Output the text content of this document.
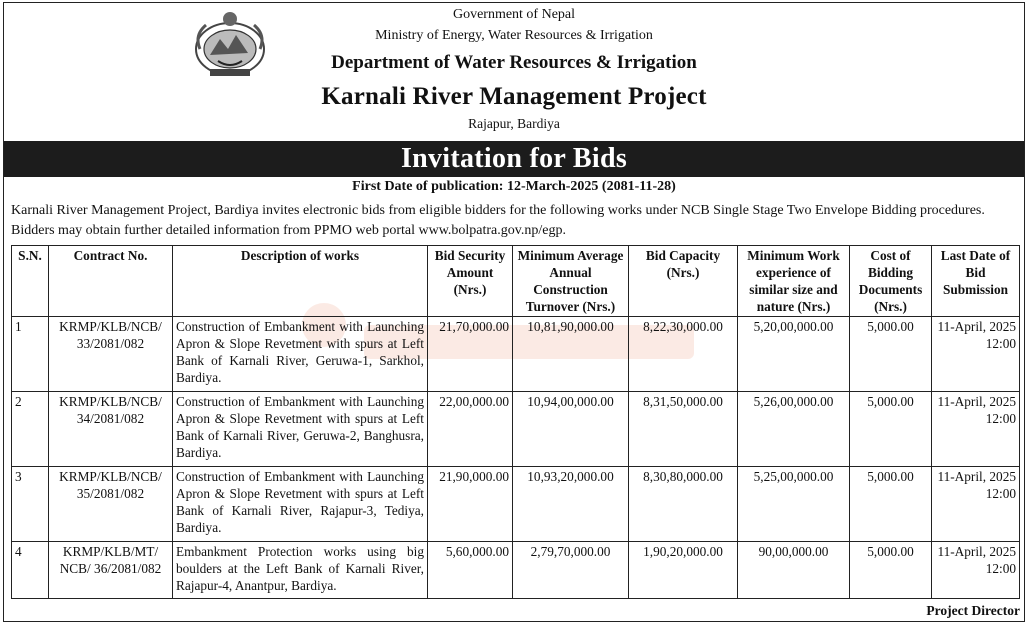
Government of Nepal
Ministry of Energy, Water Resources & Irrigation
Department of Water Resources & Irrigation
Karnali River Management Project
Rajapur, Bardiya
Invitation for Bids
First Date of publication: 12-March-2025 (2081-11-28)

Karnali River Management Project, Bardiya invites electronic bids from eligible bidders for the following works under NCB Single Stage Two Envelope Bidding procedures.

Bidders may obtain further detailed information from PPMO web portal www.bolpatra.gov.np/egp.

S.N.	Contract No.	Description of works	Bid Security Amount (Nrs.)	Minimum Average Annual Construction Turnover (Nrs.)	Bid Capacity (Nrs.)	Minimum Work experience of similar size and nature (Nrs.)	Cost of Bidding Documents (Nrs.)	Last Date of Bid Submission
1	KRMP/KLB/NCB/ 33/2081/082	Construction of Embankment with Launching Apron & Slope Revetment with spurs at Left Bank of Karnali River, Geruwa-1, Sarkhol, Bardiya.	21,70,000.00	10,81,90,000.00	8,22,30,000.00	5,20,00,000.00	5,000.00	11-April, 2025 12:00
2	KRMP/KLB/NCB/ 34/2081/082	Construction of Embankment with Launching Apron & Slope Revetment with spurs at Left Bank of Karnali River, Geruwa-2, Banghusra, Bardiya.	22,00,000.00	10,94,00,000.00	8,31,50,000.00	5,26,00,000.00	5,000.00	11-April, 2025 12:00
3	KRMP/KLB/NCB/ 35/2081/082	Construction of Embankment with Launching Apron & Slope Revetment with spurs at Left Bank of Karnali River, Rajapur-3, Tediya, Bardiya.	21,90,000.00	10,93,20,000.00	8,30,80,000.00	5,25,00,000.00	5,000.00	11-April, 2025 12:00
4	KRMP/KLB/MT/ NCB/ 36/2081/082	Embankment Protection works using big boulders at the Left Bank of Karnali River, Rajapur-4, Anantpur, Bardiya.	5,60,000.00	2,79,70,000.00	1,90,20,000.00	90,00,000.00	5,000.00	11-April, 2025 12:00
Project Director
